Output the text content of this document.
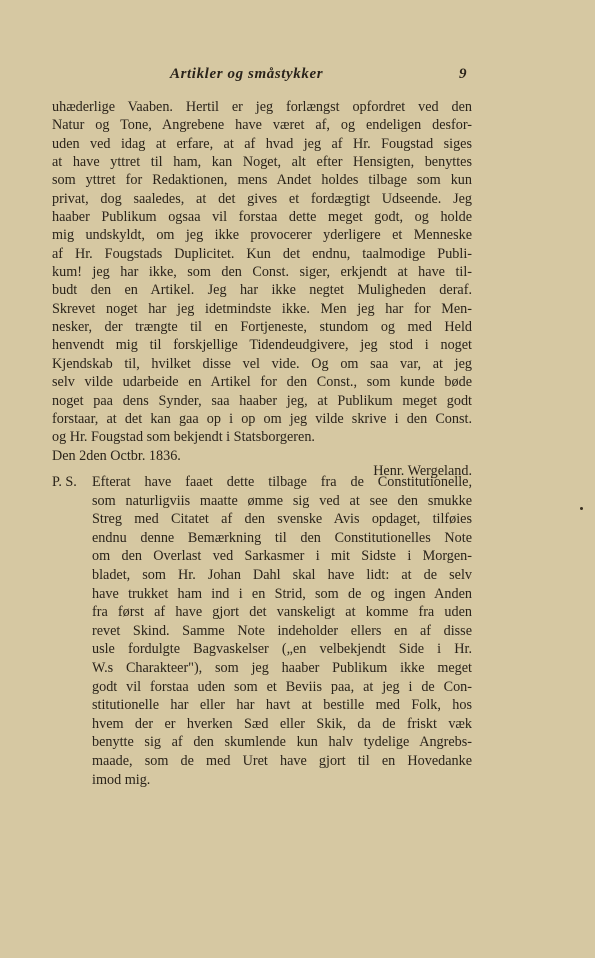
Artikler og småstykker	9
uhæderlige Vaaben. Hertil er jeg forlængst opfordret ved den
Natur og Tone, Angrebene have været af, og endeligen desfor-
uden ved idag at erfare, at af hvad jeg af Hr. Fougstad siges
at have yttret til ham, kan Noget, alt efter Hensigten, benyttes
som yttret for Redaktionen, mens Andet holdes tilbage som kun
privat, dog saaledes, at det gives et fordægtigt Udseende. Jeg
haaber Publikum ogsaa vil forstaa dette meget godt, og holde
mig undskyldt, om jeg ikke provocerer yderligere et Menneske
af Hr. Fougstads Duplicitet. Kun det endnu, taalmodige Publi-
kum! jeg har ikke, som den Const. siger, erkjendt at have til-
budt den en Artikel. Jeg har ikke negtet Muligheden deraf.
Skrevet noget har jeg idetmindste ikke. Men jeg har for Men-
nesker, der trængte til en Fortjeneste, stundom og med Held
henvendt mig til forskjellige Tidendeudgivere, jeg stod i noget
Kjendskab til, hvilket disse vel vide. Og om saa var, at jeg
selv vilde udarbeide en Artikel for den Const., som kunde bøde
noget paa dens Synder, saa haaber jeg, at Publikum meget godt
forstaar, at det kan gaa op i op om jeg vilde skrive i den Const.
og Hr. Fougstad som bekjendt i Statsborgeren.
Den 2den Octbr. 1836.
Henr. Wergeland.
P. S. Efterat have faaet dette tilbage fra de Constitutionelle,
som naturligviis maatte ømme sig ved at see den smukke
Streg med Citatet af den svenske Avis opdaget, tilføies
endnu denne Bemærkning til den Constitutionelles Note
om den Overlast ved Sarkasmer i mit Sidste i Morgen-
bladet, som Hr. Johan Dahl skal have lidt: at de selv
have trukket ham ind i en Strid, som de og ingen Anden
fra først af have gjort det vanskeligt at komme fra uden
revet Skind. Samme Note indeholder ellers en af disse
usle fordulgte Bagvaskelser („en velbekjendt Side i Hr.
W.s Charakteer"), som jeg haaber Publikum ikke meget
godt vil forstaa uden som et Beviis paa, at jeg i de Con-
stitutionelle har eller har havt at bestille med Folk, hos
hvem der er hverken Sæd eller Skik, da de friskt væk
benytte sig af den skumlende kun halv tydelige Angrebs-
maade, som de med Uret have gjort til en Hovedanke
imod mig.
